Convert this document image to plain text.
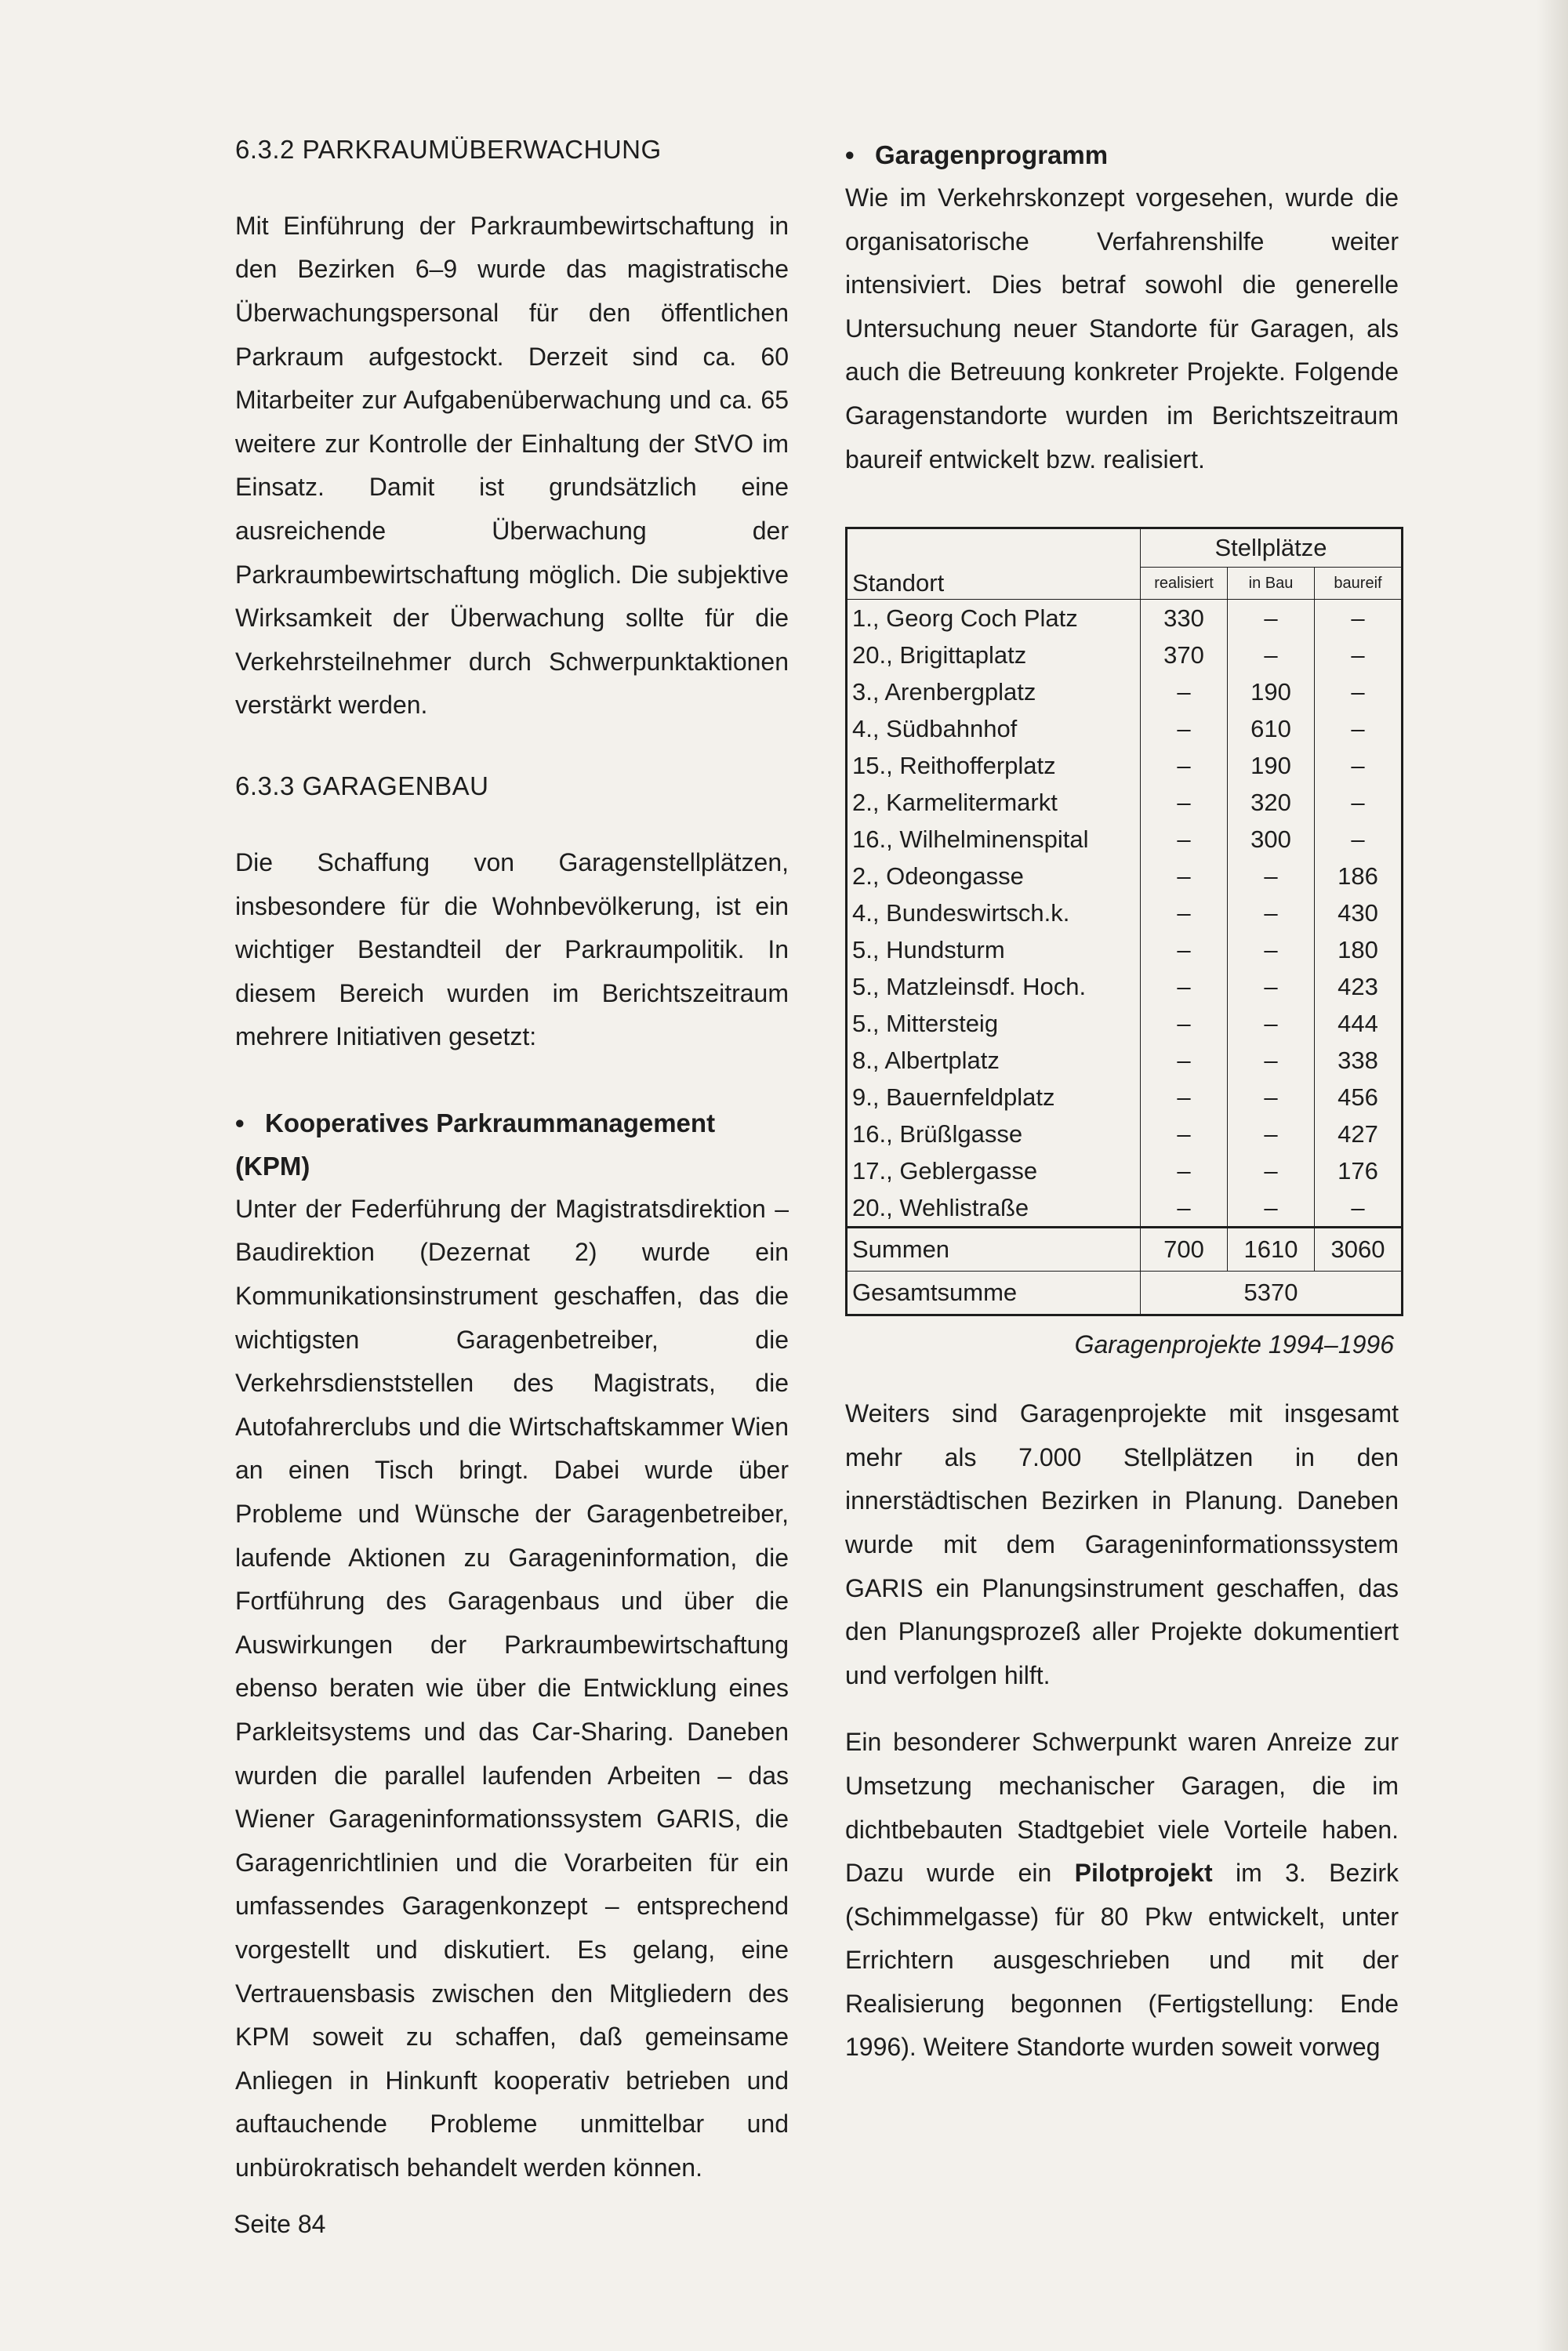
6.3.2 PARKRAUMÜBERWACHUNG

Mit Einführung der Parkraumbewirtschaftung in den Bezirken 6–9 wurde das magistratische Überwachungspersonal für den öffentlichen Parkraum aufgestockt. Derzeit sind ca. 60 Mitarbeiter zur Aufgabenüberwachung und ca. 65 weitere zur Kontrolle der Einhaltung der StVO im Einsatz. Damit ist grundsätzlich eine ausreichende Überwachung der Parkraumbewirtschaftung möglich. Die subjektive Wirksamkeit der Überwachung sollte für die Verkehrsteilnehmer durch Schwerpunktaktionen verstärkt werden.

6.3.3 GARAGENBAU

Die Schaffung von Garagenstellplätzen, insbesondere für die Wohnbevölkerung, ist ein wichtiger Bestandteil der Parkraumpolitik. In diesem Bereich wurden im Berichtszeitraum mehrere Initiativen gesetzt:

• Kooperatives Parkraummanagement (KPM)

Unter der Federführung der Magistratsdirektion – Baudirektion (Dezernat 2) wurde ein Kommunikationsinstrument geschaffen, das die wichtigsten Garagenbetreiber, die Verkehrsdienststellen des Magistrats, die Autofahrerclubs und die Wirtschaftskammer Wien an einen Tisch bringt. Dabei wurde über Probleme und Wünsche der Garagenbetreiber, laufende Aktionen zu Garageninformation, die Fortführung des Garagenbaus und über die Auswirkungen der Parkraumbewirtschaftung ebenso beraten wie über die Entwicklung eines Parkleitsystems und das Car-Sharing. Daneben wurden die parallel laufenden Arbeiten – das Wiener Garageninformationssystem GARIS, die Garagenrichtlinien und die Vorarbeiten für ein umfassendes Garagenkonzept – entsprechend vorgestellt und diskutiert. Es gelang, eine Vertrauensbasis zwischen den Mitgliedern des KPM soweit zu schaffen, daß gemeinsame Anliegen in Hinkunft kooperativ betrieben und auftauchende Probleme unmittelbar und unbürokratisch behandelt werden können.

• Garagenprogramm

Wie im Verkehrskonzept vorgesehen, wurde die organisatorische Verfahrenshilfe weiter intensiviert. Dies betraf sowohl die generelle Untersuchung neuer Standorte für Garagen, als auch die Betreuung konkreter Projekte. Folgende Garagenstandorte wurden im Berichtszeitraum baureif entwickelt bzw. realisiert.

	Stellplätze		
Standort	realisiert	in Bau	baureif
1., Georg Coch Platz	330	–	–
20., Brigittaplatz	370	–	–
3., Arenbergplatz	–	190	–
4., Südbahnhof	–	610	–
15., Reithofferplatz	–	190	–
2., Karmelitermarkt	–	320	–
16., Wilhelminenspital	–	300	–
2., Odeongasse	–	–	186
4., Bundeswirtsch.k.	–	–	430
5., Hundsturm	–	–	180
5., Matzleinsdf. Hoch.	–	–	423
5., Mittersteig	–	–	444
8., Albertplatz	–	–	338
9., Bauernfeldplatz	–	–	456
16., Brüßlgasse	–	–	427
17., Geblergasse	–	–	176
20., Wehlistraße	–	–	–
Summen	700	1610	3060
Gesamtsumme	5370		

Garagenprojekte 1994–1996

Weiters sind Garagenprojekte mit insgesamt mehr als 7.000 Stellplätzen in den innerstädtischen Bezirken in Planung. Daneben wurde mit dem Garageninformationssystem GARIS ein Planungsinstrument geschaffen, das den Planungsprozeß aller Projekte dokumentiert und verfolgen hilft.

Ein besonderer Schwerpunkt waren Anreize zur Umsetzung mechanischer Garagen, die im dichtbebauten Stadtgebiet viele Vorteile haben. Dazu wurde ein Pilotprojekt im 3. Bezirk (Schimmelgasse) für 80 Pkw entwickelt, unter Errichtern ausgeschrieben und mit der Realisierung begonnen (Fertigstellung: Ende 1996). Weitere Standorte wurden soweit vorweg

Seite 84
